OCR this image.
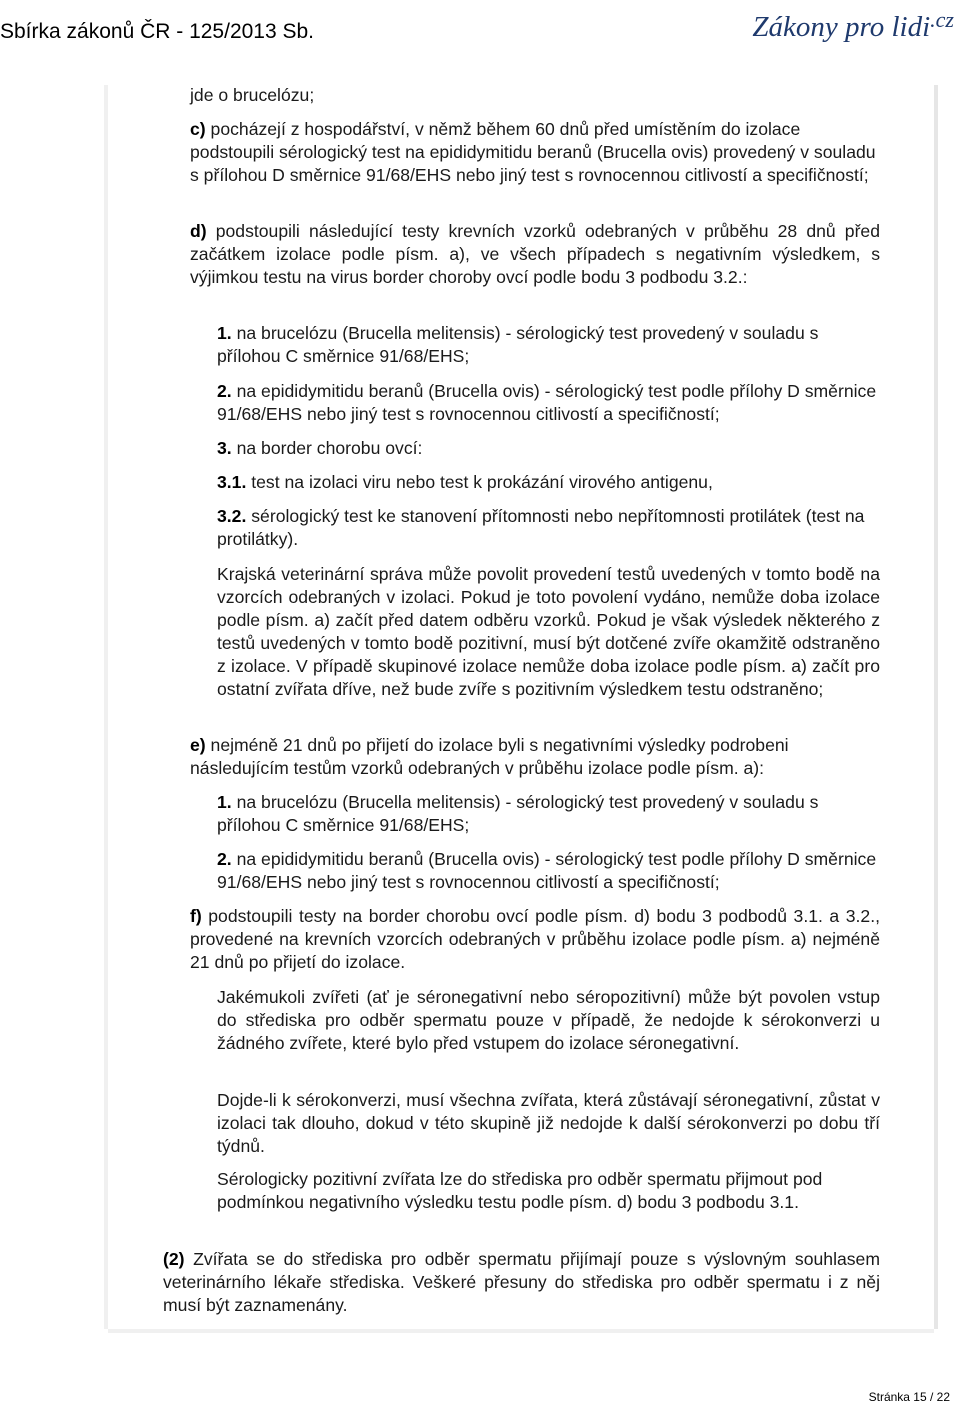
Sbírka zákonů ČR - 125/2013 Sb.	Zákony pro lidi$^{.cz}$

jde o brucelózu;

c) pocházejí z hospodářství, v němž během 60 dnů před umístěním do izolace podstoupili sérologický test na epididymitidu beranů (Brucella ovis) provedený v souladu s přílohou D směrnice 91/68/EHS nebo jiný test s rovnocennou citlivostí a specifičností;

d) podstoupili následující testy krevních vzorků odebraných v průběhu 28 dnů před začátkem izolace podle písm. a), ve všech případech s negativním výsledkem, s výjimkou testu na virus border choroby ovcí podle bodu 3 podbodu 3.2.:

1. na brucelózu (Brucella melitensis) - sérologický test provedený v souladu s přílohou C směrnice 91/68/EHS;

2. na epididymitidu beranů (Brucella ovis) - sérologický test podle přílohy D směrnice 91/68/EHS nebo jiný test s rovnocennou citlivostí a specifičností;

3. na border chorobu ovcí:

3.1. test na izolaci viru nebo test k prokázání virového antigenu,

3.2. sérologický test ke stanovení přítomnosti nebo nepřítomnosti protilátek (test na protilátky).

Krajská veterinární správa může povolit provedení testů uvedených v tomto bodě na vzorcích odebraných v izolaci. Pokud je toto povolení vydáno, nemůže doba izolace podle písm. a) začít před datem odběru vzorků. Pokud je však výsledek některého z testů uvedených v tomto bodě pozitivní, musí být dotčené zvíře okamžitě odstraněno z izolace. V případě skupinové izolace nemůže doba izolace podle písm. a) začít pro ostatní zvířata dříve, než bude zvíře s pozitivním výsledkem testu odstraněno;

e) nejméně 21 dnů po přijetí do izolace byli s negativními výsledky podrobeni následujícím testům vzorků odebraných v průběhu izolace podle písm. a):

1. na brucelózu (Brucella melitensis) - sérologický test provedený v souladu s přílohou C směrnice 91/68/EHS;

2. na epididymitidu beranů (Brucella ovis) - sérologický test podle přílohy D směrnice 91/68/EHS nebo jiný test s rovnocennou citlivostí a specifičností;

f) podstoupili testy na border chorobu ovcí podle písm. d) bodu 3 podbodů 3.1. a 3.2., provedené na krevních vzorcích odebraných v průběhu izolace podle písm. a) nejméně 21 dnů po přijetí do izolace.

Jakémukoli zvířeti (ať je séronegativní nebo séropozitivní) může být povolen vstup do střediska pro odběr spermatu pouze v případě, že nedojde k sérokonverzi u žádného zvířete, které bylo před vstupem do izolace séronegativní.

Dojde-li k sérokonverzi, musí všechna zvířata, která zůstávají séronegativní, zůstat v izolaci tak dlouho, dokud v této skupině již nedojde k další sérokonverzi po dobu tří týdnů.

Sérologicky pozitivní zvířata lze do střediska pro odběr spermatu přijmout pod podmínkou negativního výsledku testu podle písm. d) bodu 3 podbodu 3.1.

(2) Zvířata se do střediska pro odběr spermatu přijímají pouze s výslovným souhlasem veterinárního lékaře střediska. Veškeré přesuny do střediska pro odběr spermatu i z něj musí být zaznamenány.

Stránka 15 / 22
